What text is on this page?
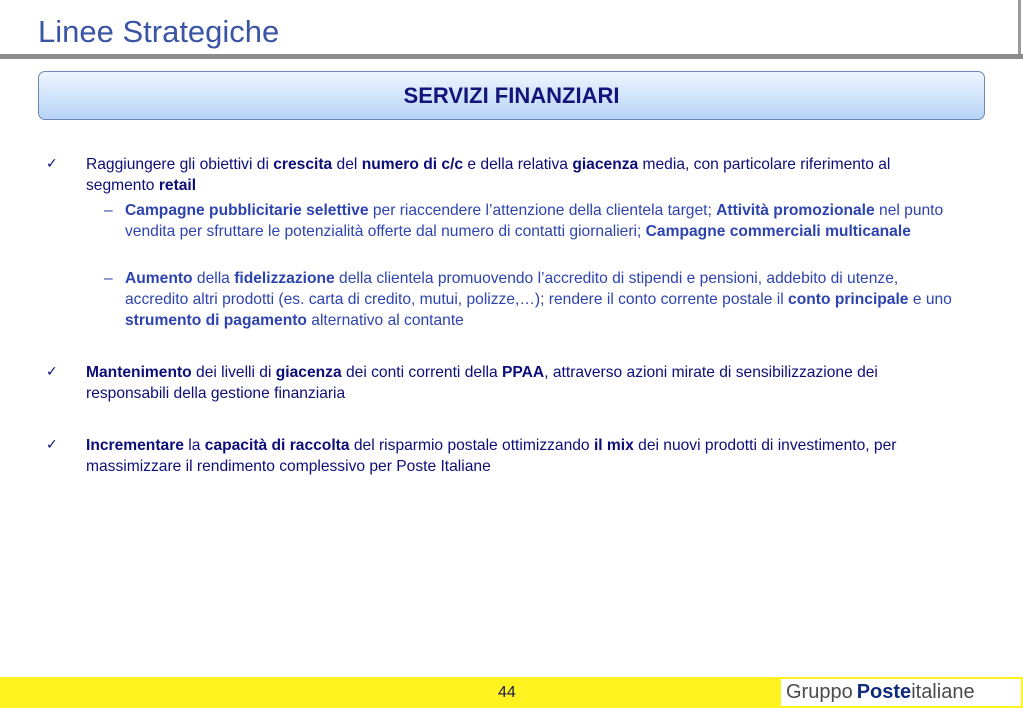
Linee Strategiche
SERVIZI FINANZIARI
✓ Raggiungere gli obiettivi di crescita del numero di c/c e della relativa giacenza media, con particolare riferimento al segmento retail
– Campagne pubblicitarie selettive per riaccendere l’attenzione della clientela target; Attività promozionale nel punto vendita per sfruttare le potenzialità offerte dal numero di contatti giornalieri; Campagne commerciali multicanale
– Aumento della fidelizzazione della clientela promuovendo l’accredito di stipendi e pensioni, addebito di utenze, accredito altri prodotti (es. carta di credito, mutui, polizze,…); rendere il conto corrente postale il conto principale e uno strumento di pagamento alternativo al contante
✓ Mantenimento dei livelli di giacenza dei conti correnti della PPAA, attraverso azioni mirate di sensibilizzazione dei responsabili della gestione finanziaria
✓ Incrementare la capacità di raccolta del risparmio postale ottimizzando il mix dei nuovi prodotti di investimento, per massimizzare il rendimento complessivo per Poste Italiane
44	Gruppo Poste italiane
